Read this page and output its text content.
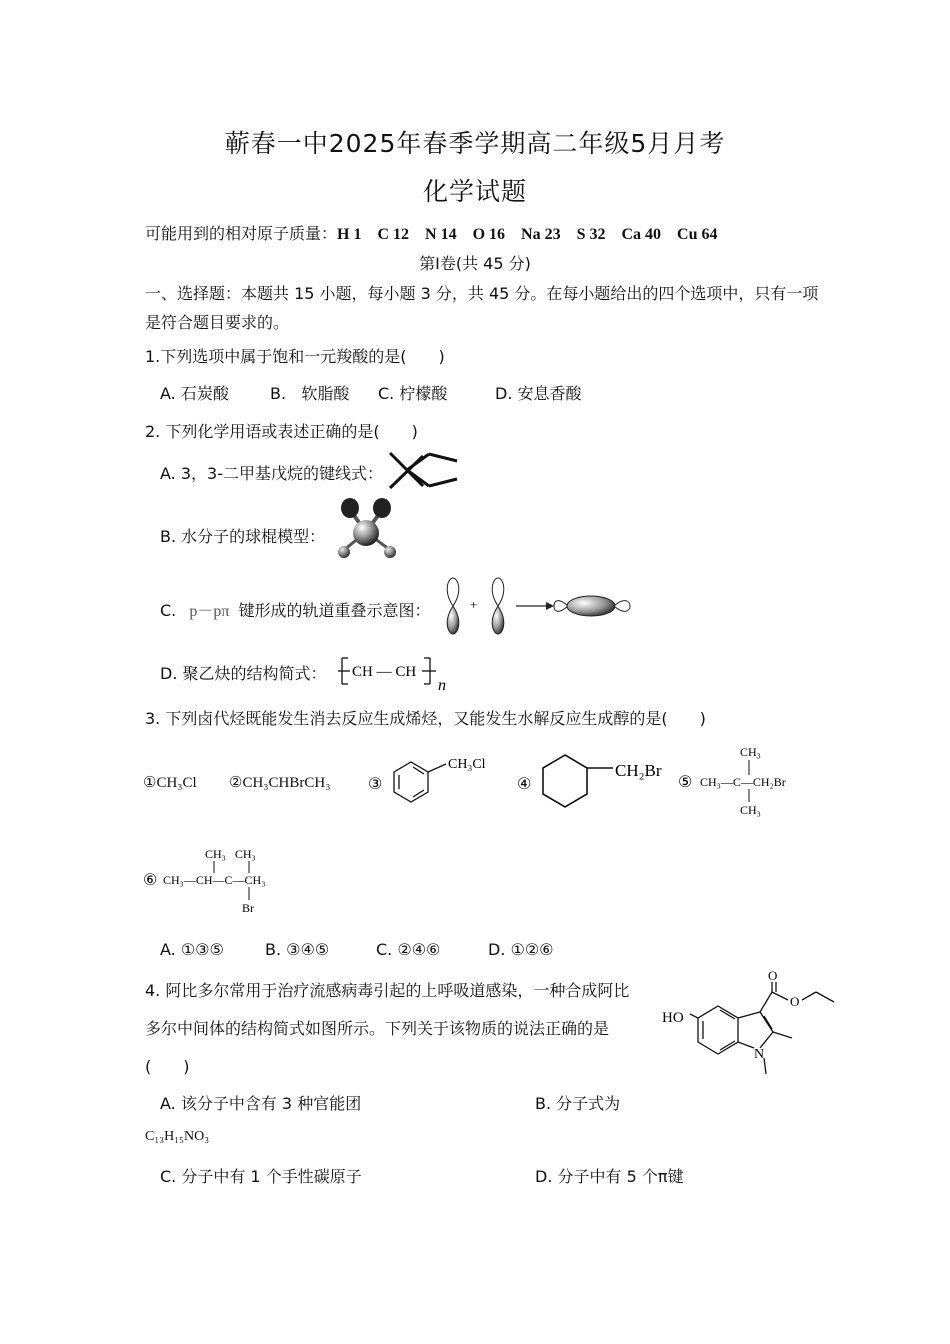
蕲春一中2025年春季学期高二年级5月月考
化学试题
可能用到的相对原子质量：H 1    C 12    N 14    O 16    Na 23    S 32    Ca 40    Cu 64
第Ⅰ卷(共 45 分)
一、选择题：本题共 15 小题，每小题 3 分，共 45 分。在每小题给出的四个选项中，只有一项
是符合题目要求的。
1.下列选项中属于饱和一元羧酸的是(　　)
A. 石炭酸	B.   软脂酸 C. 柠檬酸	D. 安息香酸
2. 下列化学用语或表述正确的是(　　)
A. 3，3-二甲基戊烷的键线式：
B. 水分子的球棍模型：
C. p－pπ 键形成的轨道重叠示意图：	+
D. 聚乙炔的结构简式： CH — CH
n
3. 下列卤代烃既能发生消去反应生成烯烃，又能发生水解反应生成醇的是(　　)
①CH₃Cl ②CH₃CHBrCH₃ ③
CH₃Cl
④
CH₂Br
⑤
CH₃
CH₃—C—CH₂Br
CH₃
⑥
CH₃   CH₃
CH₃—CH—C—CH₃
Br
A. ①③⑤	B. ③④⑤	C. ②④⑥	D. ①②⑥
4. 阿比多尔常用于治疗流感病毒引起的上呼吸道感染，一种合成阿比
多尔中间体的结构简式如图所示。下列关于该物质的说法正确的是
(　　)
HO
N
O
O
A. 该分子中含有 3 种官能团	B. 分子式为
C₁₃H₁₅NO₃
C. 分子中有 1 个手性碳原子	D. 分子中有 5 个π键
